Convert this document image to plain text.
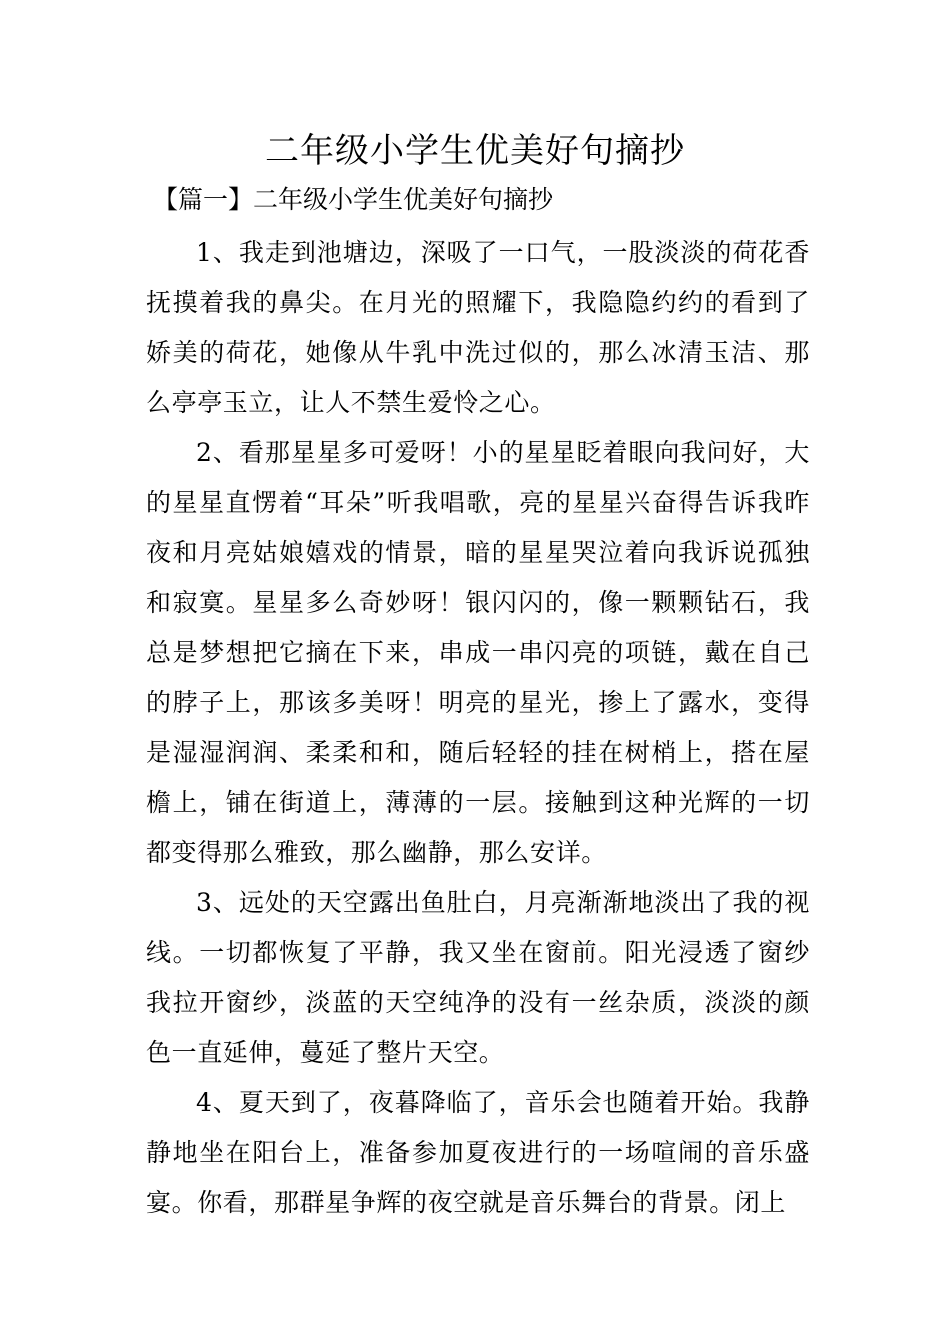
二年级小学生优美好句摘抄
【篇一】二年级小学生优美好句摘抄

1、我走到池塘边，深吸了一口气，一股淡淡的荷花香抚摸着我的鼻尖。在月光的照耀下，我隐隐约约的看到了娇美的荷花，她像从牛乳中洗过似的，那么冰清玉洁、那么亭亭玉立，让人不禁生爱怜之心。

2、看那星星多可爱呀！小的星星眨着眼向我问好，大的星星直愣着“耳朵”听我唱歌，亮的星星兴奋得告诉我昨夜和月亮姑娘嬉戏的情景，暗的星星哭泣着向我诉说孤独和寂寞。星星多么奇妙呀！银闪闪的，像一颗颗钻石，我总是梦想把它摘在下来，串成一串闪亮的项链，戴在自己的脖子上，那该多美呀！明亮的星光，掺上了露水，变得是湿湿润润、柔柔和和，随后轻轻的挂在树梢上，搭在屋檐上，铺在街道上，薄薄的一层。接触到这种光辉的一切都变得那么雅致，那么幽静，那么安详。

3、远处的天空露出鱼肚白，月亮渐渐地淡出了我的视线。一切都恢复了平静，我又坐在窗前。阳光浸透了窗纱我拉开窗纱，淡蓝的天空纯净的没有一丝杂质，淡淡的颜色一直延伸，蔓延了整片天空。

4、夏天到了，夜暮降临了，音乐会也随着开始。我静静地坐在阳台上，准备参加夏夜进行的一场喧闹的音乐盛宴。你看，那群星争辉的夜空就是音乐舞台的背景。闭上
